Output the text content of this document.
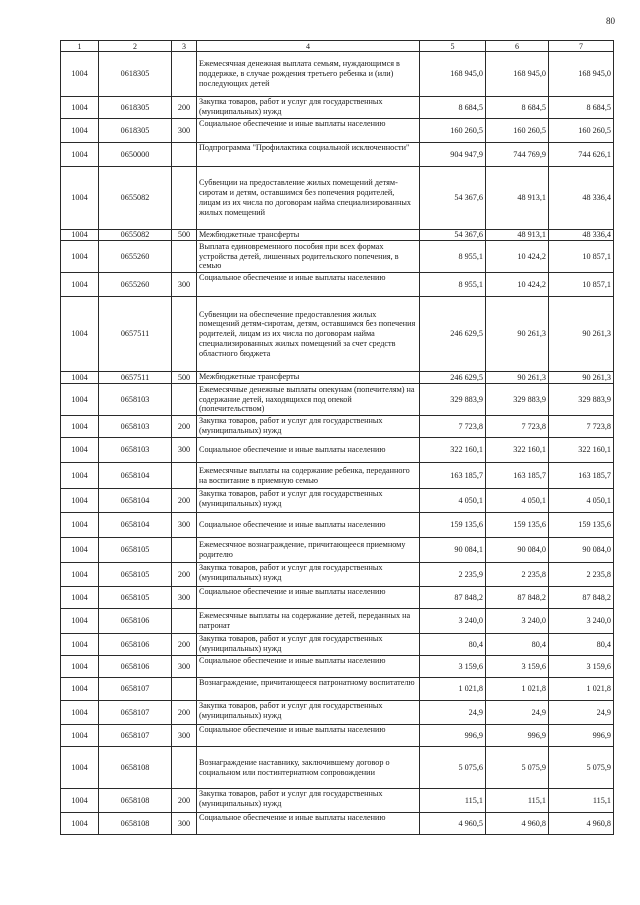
80
1	2	3	4	5	6	7
1004	0618305		Ежемесячная денежная выплата семьям, нуждающимся в поддержке, в случае рождения третьего ребенка и (или) последующих детей	168 945,0	168 945,0	168 945,0
1004	0618305	200	Закупка товаров, работ и услуг для государственных (муниципальных) нужд	8 684,5	8 684,5	8 684,5
1004	0618305	300	Социальное обеспечение и иные выплаты населению	160 260,5	160 260,5	160 260,5
1004	0650000		Подпрограмма "Профилактика социальной исключенности"	904 947,9	744 769,9	744 626,1
1004	0655082		Субвенции на предоставление жилых помещений детям-сиротам и детям, оставшимся без попечения родителей, лицам из их числа по договорам найма специализированных жилых помещений	54 367,6	48 913,1	48 336,4
1004	0655082	500	Межбюджетные трансферты	54 367,6	48 913,1	48 336,4
1004	0655260		Выплата единовременного пособия при всех формах устройства детей, лишенных родительского попечения, в семью	8 955,1	10 424,2	10 857,1
1004	0655260	300	Социальное обеспечение и иные выплаты населению	8 955,1	10 424,2	10 857,1
1004	0657511		Субвенции на обеспечение предоставления жилых помещений детям-сиротам, детям, оставшимся без попечения родителей, лицам из их числа по договорам найма специализированных жилых помещений за счет средств областного бюджета	246 629,5	90 261,3	90 261,3
1004	0657511	500	Межбюджетные трансферты	246 629,5	90 261,3	90 261,3
1004	0658103		Ежемесячные денежные выплаты опекунам (попечителям) на содержание детей, находящихся под опекой (попечительством)	329 883,9	329 883,9	329 883,9
1004	0658103	200	Закупка товаров, работ и услуг для государственных (муниципальных) нужд	7 723,8	7 723,8	7 723,8
1004	0658103	300	Социальное обеспечение и иные выплаты населению	322 160,1	322 160,1	322 160,1
1004	0658104		Ежемесячные выплаты на содержание ребенка, переданного на воспитание в приемную семью	163 185,7	163 185,7	163 185,7
1004	0658104	200	Закупка товаров, работ и услуг для государственных (муниципальных) нужд	4 050,1	4 050,1	4 050,1
1004	0658104	300	Социальное обеспечение и иные выплаты населению	159 135,6	159 135,6	159 135,6
1004	0658105		Ежемесячное вознаграждение, причитающееся приемному родителю	90 084,1	90 084,0	90 084,0
1004	0658105	200	Закупка товаров, работ и услуг для государственных (муниципальных) нужд	2 235,9	2 235,8	2 235,8
1004	0658105	300	Социальное обеспечение и иные выплаты населению	87 848,2	87 848,2	87 848,2
1004	0658106		Ежемесячные выплаты на содержание детей, переданных на патронат	3 240,0	3 240,0	3 240,0
1004	0658106	200	Закупка товаров, работ и услуг для государственных (муниципальных) нужд	80,4	80,4	80,4
1004	0658106	300	Социальное обеспечение и иные выплаты населению	3 159,6	3 159,6	3 159,6
1004	0658107		Вознаграждение, причитающееся патронатному воспитателю	1 021,8	1 021,8	1 021,8
1004	0658107	200	Закупка товаров, работ и услуг для государственных (муниципальных) нужд	24,9	24,9	24,9
1004	0658107	300	Социальное обеспечение и иные выплаты населению	996,9	996,9	996,9
1004	0658108		Вознаграждение наставнику, заключившему договор о социальном или постинтернатном сопровождении	5 075,6	5 075,9	5 075,9
1004	0658108	200	Закупка товаров, работ и услуг для государственных (муниципальных) нужд	115,1	115,1	115,1
1004	0658108	300	Социальное обеспечение и иные выплаты населению	4 960,5	4 960,8	4 960,8
